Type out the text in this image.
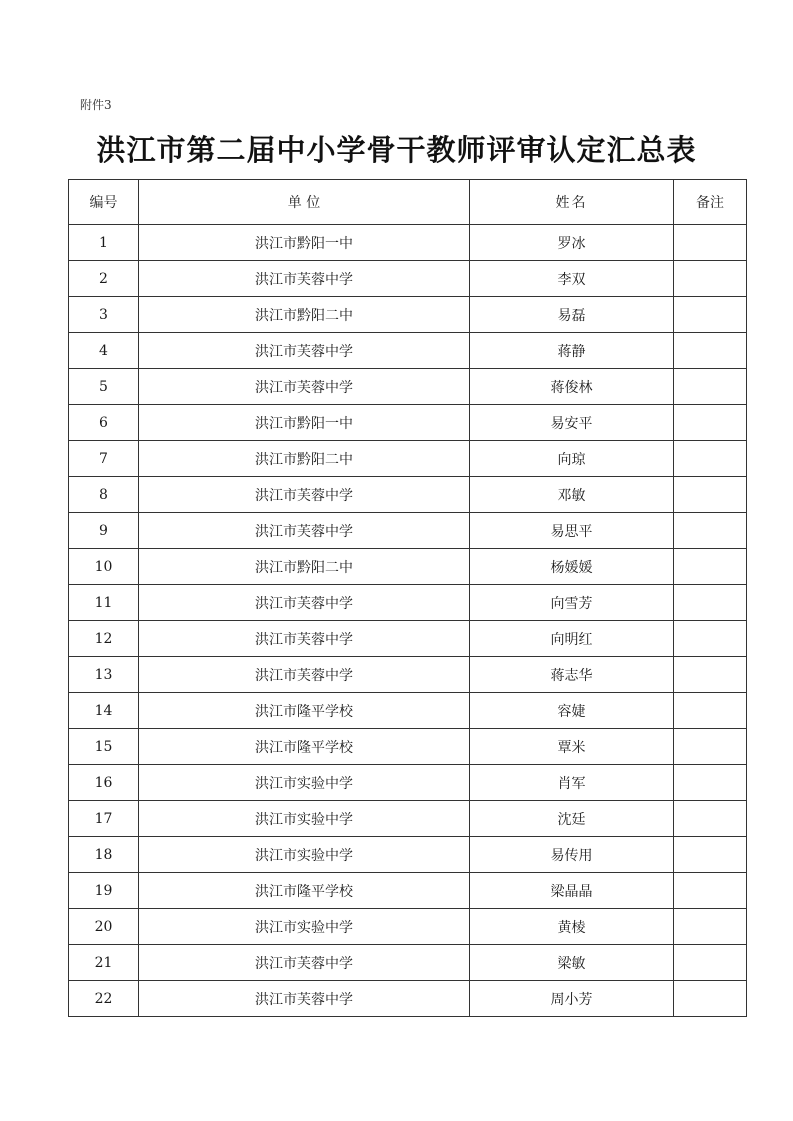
附件3
洪江市第二届中小学骨干教师评审认定汇总表
编号	单 位	姓名	备注
1	洪江市黔阳一中	罗冰	
2	洪江市芙蓉中学	李双	
3	洪江市黔阳二中	易磊	
4	洪江市芙蓉中学	蒋静	
5	洪江市芙蓉中学	蒋俊林	
6	洪江市黔阳一中	易安平	
7	洪江市黔阳二中	向琼	
8	洪江市芙蓉中学	邓敏	
9	洪江市芙蓉中学	易思平	
10	洪江市黔阳二中	杨媛媛	
11	洪江市芙蓉中学	向雪芳	
12	洪江市芙蓉中学	向明红	
13	洪江市芙蓉中学	蒋志华	
14	洪江市隆平学校	容婕	
15	洪江市隆平学校	覃米	
16	洪江市实验中学	肖军	
17	洪江市实验中学	沈廷	
18	洪江市实验中学	易传用	
19	洪江市隆平学校	梁晶晶	
20	洪江市实验中学	黄棱	
21	洪江市芙蓉中学	梁敏	
22	洪江市芙蓉中学	周小芳	
